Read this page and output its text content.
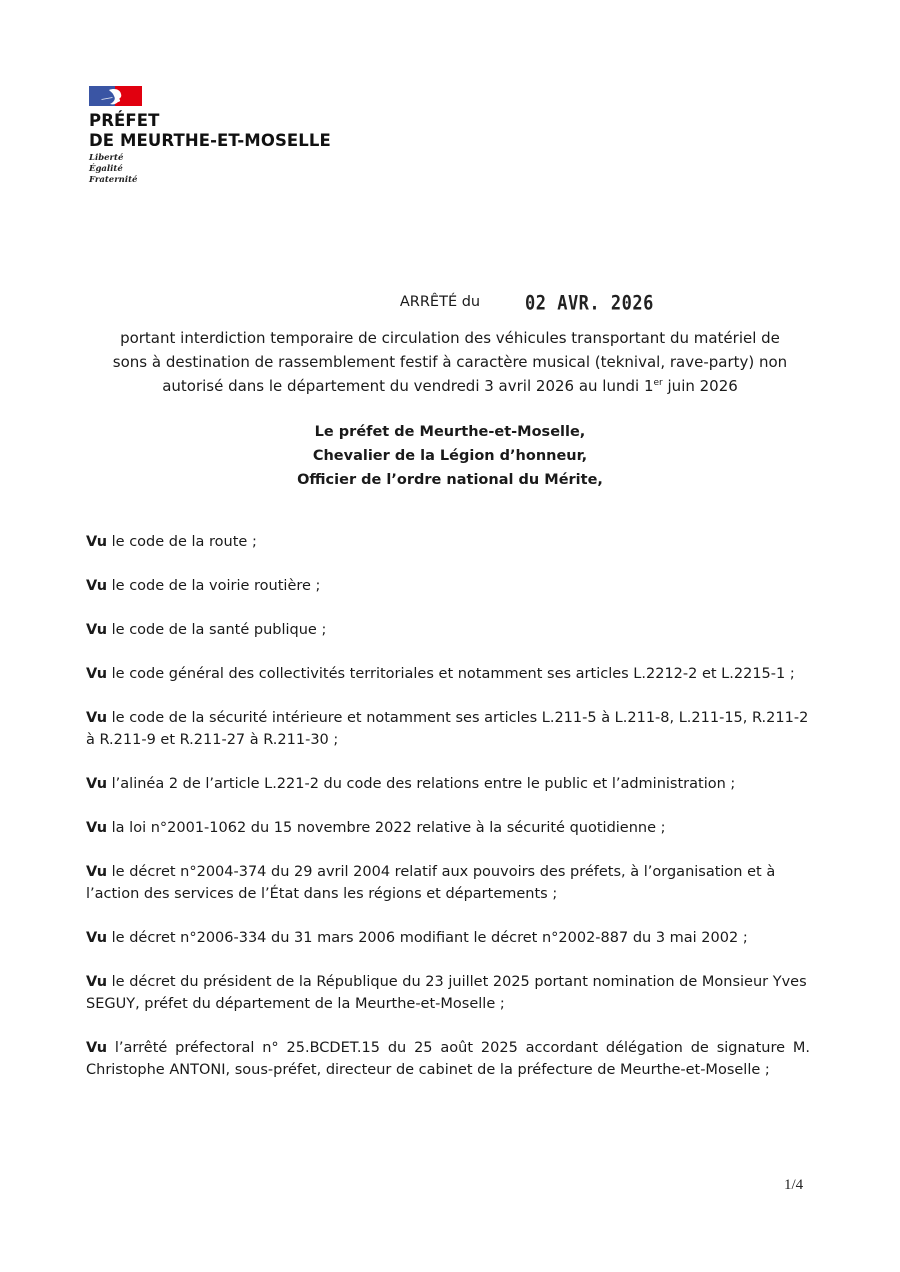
PRÉFET
DE MEURTHE-ET-MOSELLE
Liberté
Égalité
Fraternité
ARRÊTÉ du	02 AVR. 2026
portant interdiction temporaire de circulation des véhicules transportant du matériel de
sons à destination de rassemblement festif à caractère musical (teknival, rave-party) non
autorisé dans le département du vendredi 3 avril 2026 au lundi 1er juin 2026
Le préfet de Meurthe-et-Moselle,
Chevalier de la Légion d’honneur,
Officier de l’ordre national du Mérite,

Vu le code de la route ;

Vu le code de la voirie routière ;

Vu le code de la santé publique ;

Vu le code général des collectivités territoriales et notamment ses articles L.2212-2 et L.2215-1 ;

Vu le code de la sécurité intérieure et notamment ses articles L.211-5 à L.211-8, L.211-15, R.211-2 à R.211-9 et R.211-27 à R.211-30 ;

Vu l’alinéa 2 de l’article L.221-2 du code des relations entre le public et l’administration ;

Vu la loi n°2001-1062 du 15 novembre 2022 relative à la sécurité quotidienne ;

Vu le décret n°2004-374 du 29 avril 2004 relatif aux pouvoirs des préfets, à l’organisation et à l’action des services de l’État dans les régions et départements ;

Vu le décret n°2006-334 du 31 mars 2006 modifiant le décret n°2002-887 du 3 mai 2002 ;

Vu le décret du président de la République du 23 juillet 2025 portant nomination de Monsieur Yves SEGUY, préfet du département de la Meurthe-et-Moselle ;

Vu l’arrêté préfectoral n° 25.BCDET.15 du 25 août 2025 accordant délégation de signature M. Christophe ANTONI, sous-préfet, directeur de cabinet de la préfecture de Meurthe-et-Moselle ;

1/4
